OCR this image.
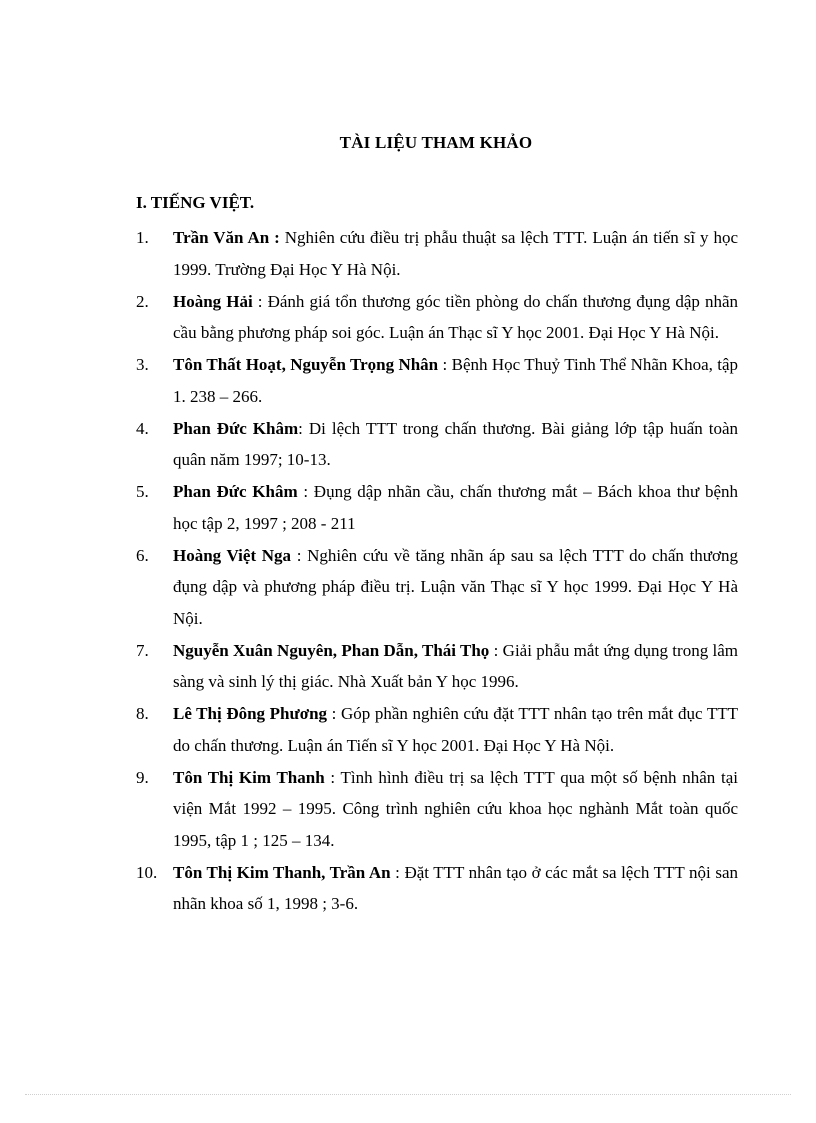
TÀI LIỆU THAM KHẢO
I. TIẾNG VIỆT.
1.	Trần Văn An : Nghiên cứu điều trị phẫu thuật sa lệch TTT. Luận án tiến sĩ y học 1999. Trường Đại Học Y Hà Nội.
2.	Hoàng Hải : Đánh giá tổn thương góc tiền phòng do chấn thương đụng dập nhãn cầu bằng phương pháp soi góc. Luận án Thạc sĩ Y học 2001. Đại Học Y Hà Nội.
3.	Tôn Thất Hoạt, Nguyễn Trọng Nhân : Bệnh Học Thuỷ Tinh Thể Nhãn Khoa, tập 1. 238 – 266.
4.	Phan Đức Khâm: Di lệch TTT trong chấn thương. Bài giảng lớp tập huấn toàn quân năm 1997; 10-13.
5.	Phan Đức Khâm : Đụng dập nhãn cầu, chấn thương mắt – Bách khoa thư bệnh học tập 2, 1997 ; 208 - 211
6.	Hoàng Việt Nga : Nghiên cứu về tăng nhãn áp sau sa lệch TTT do chấn thương đụng dập và phương pháp điều trị. Luận văn Thạc sĩ Y học 1999. Đại Học Y Hà Nội.
7.	Nguyễn Xuân Nguyên, Phan Dẫn, Thái Thọ : Giải phẫu mắt ứng dụng trong lâm sàng và sinh lý thị giác. Nhà Xuất bản Y học 1996.
8.	Lê Thị Đông Phương : Góp phần nghiên cứu đặt TTT nhân tạo trên mắt đục TTT do chấn thương. Luận án Tiến sĩ Y học 2001. Đại Học Y Hà Nội.
9.	Tôn Thị Kim Thanh : Tình hình điều trị sa lệch TTT qua một số bệnh nhân tại viện Mắt 1992 – 1995. Công trình nghiên cứu khoa học nghành Mắt toàn quốc 1995, tập 1 ; 125 – 134.
10. Tôn Thị Kim Thanh, Trần An : Đặt TTT nhân tạo ở các mắt sa lệch TTT nội san nhãn khoa số 1, 1998 ; 3-6.
